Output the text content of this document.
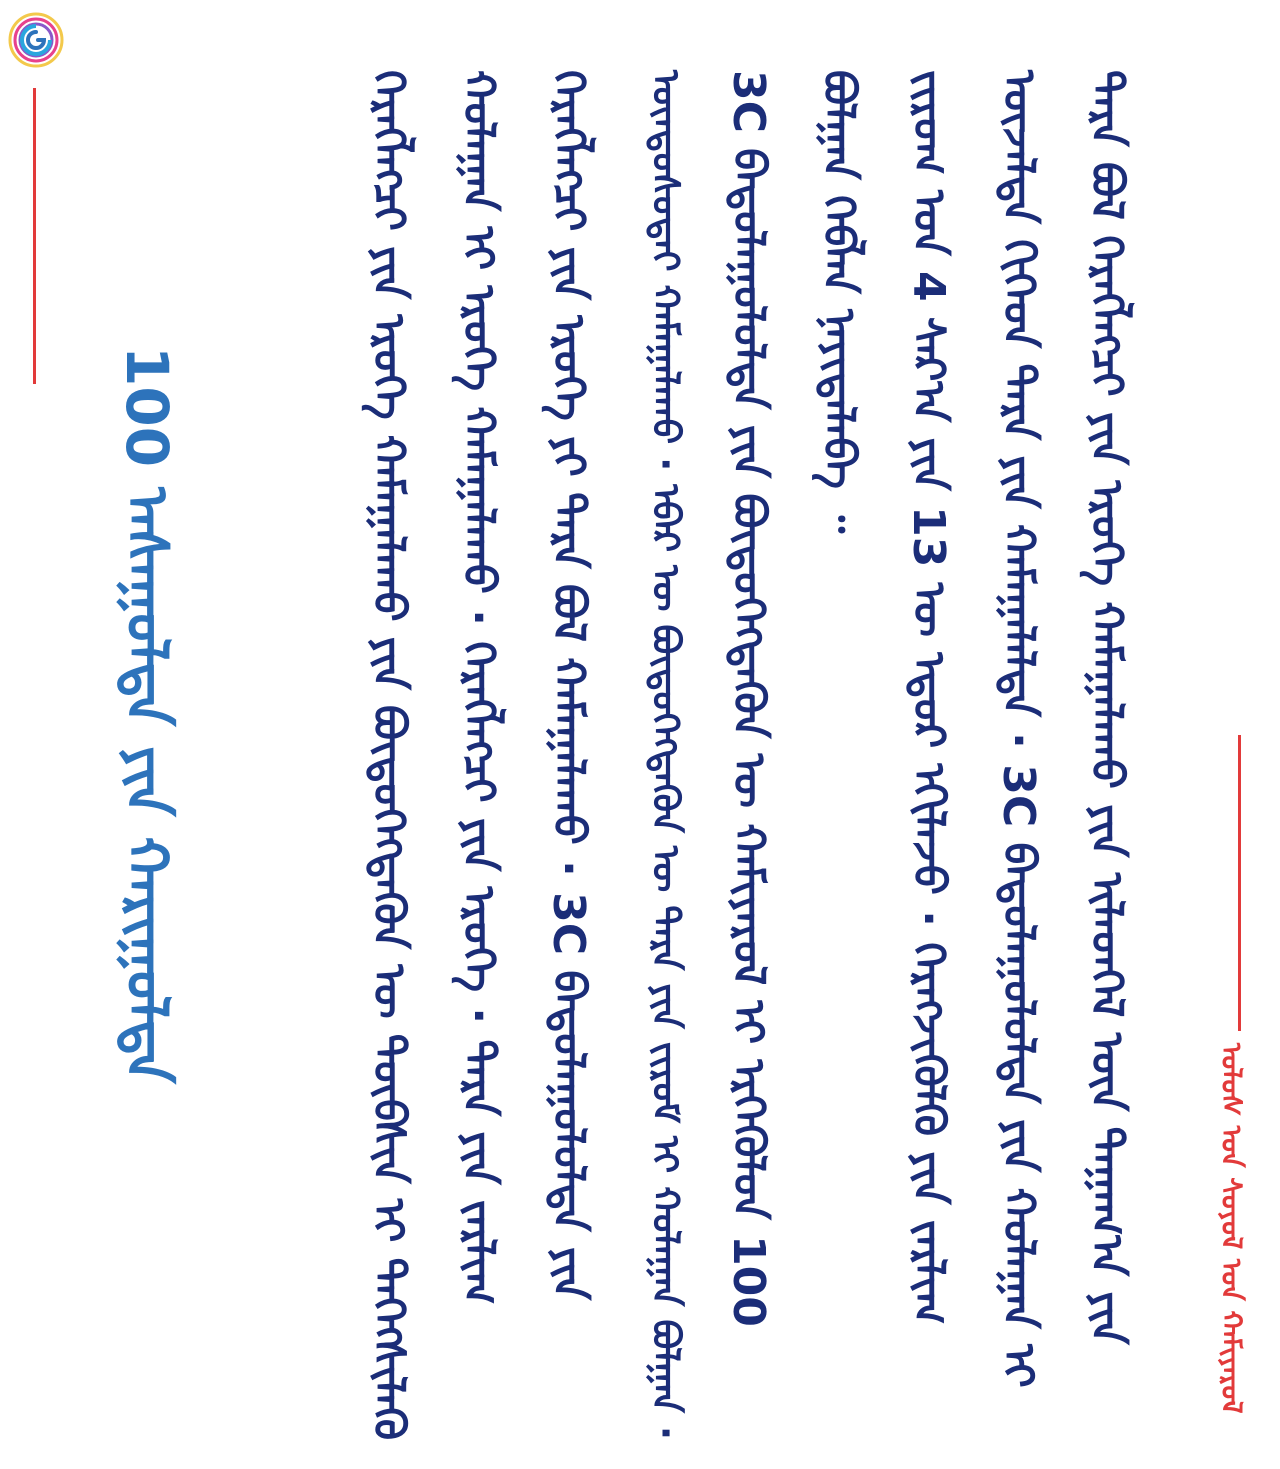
ᠤᠯᠤᠰ ᠤᠨ ᠰᠣᠶᠤᠯ ᠤᠨ ᠬᠠᠮᠢᠶᠠᠷᠤᠯ
ᠲᠡᠷᠡ ᠪᠣᠯ ᠬᠡᠷᠡᠭᠯᠡᠭᠴᠢ ᠶᠢᠨ ᠡᠷᠦᠬᠡ ᠬᠠᠮᠠᠭᠠᠯᠠᠬᠤ ᠶᠢᠨ ᠢᠯᠡᠳᠬᠡᠯ ᠦᠨ ᠳᠠᠭᠠᠭ᠎ᠠ ᠶᠢᠨ
ᠦᠵᠡᠯᠲᠡ ᠬᠢᠭᠡᠳ ᠲᠡᠷᠡ ᠶᠢᠨ ᠬᠠᠮᠠᠭᠠᠯᠠᠯᠲᠠ · 3C ᠪᠠᠲᠤᠯᠠᠭᠤᠯᠤᠯᠲᠠ ᠶᠢᠨ ᠬᠤᠯᠠᠭᠠᠨ ᠢ
ᠵᠢᠷᠤᠭ ᠤᠨ 4 ᠰᠠᠷ᠎ᠠ ᠶᠢᠨ 13 ᠦ ᠡᠳᠦᠷ ᠡᠬᠢᠯᠡᠵᠦ · ᠬᠡᠷᠡᠭᠵᠢᠭᠦᠯᠬᠦ ᠶᠢᠨ ᠵᠠᠷᠯᠢᠭ
ᠪᠣᠯᠭᠠᠨ ᠬᠡᠪᠯᠡᠨ ᠨᠡᠶᠢᠲᠡᠯᠡᠪᠡ ᠃
3C ᠪᠠᠲᠤᠯᠠᠭᠤᠯᠤᠯᠲᠠ ᠶᠢᠨ ᠪᠦᠲᠦᠭᠡᠭᠳᠡᠬᠦᠨ ᠦ ᠬᠠᠮᠢᠶᠠᠷᠤᠯ ᠢ ᠡᠷᠭᠡᠭᠦᠯᠦᠨ 100
ᠦᠨᠳᠦᠰᠦᠲᠡᠶ ᠬᠠᠮᠠᠭᠠᠯᠠᠬᠤ · ᠡᠪᠡᠷ ᠦ ᠪᠦᠲᠦᠭᠡᠭᠳᠡᠬᠦᠨ ᠦ ᠲᠡᠷᠡ ᠶᠢᠨ ᠵᠢᠷᠤᠮ ᠢ ᠬᠤᠯᠠᠭᠠᠨ ᠪᠣᠯᠭᠠᠨ ·
ᠬᠡᠷᠡᠭᠯᠡᠭᠴᠢ ᠶᠢᠨ ᠡᠷᠦᠬᠡ ᠶᠢ ᠲᠡᠷᠡ ᠪᠣᠯ ᠬᠠᠮᠠᠭᠠᠯᠠᠬᠤ · 3C ᠪᠠᠲᠤᠯᠠᠭᠤᠯᠤᠯᠲᠠ ᠶᠢᠨ
ᠬᠤᠯᠠᠭᠠᠨ ᠢ ᠡᠷᠦᠬᠡ ᠬᠠᠮᠠᠭᠠᠯᠠᠬᠤ · ᠬᠡᠷᠡᠭᠯᠡᠭᠴᠢ ᠶᠢᠨ ᠡᠷᠦᠬᠡ · ᠲᠡᠷᠡ ᠶᠢᠨ ᠵᠠᠷᠯᠢᠭ
ᠬᠡᠷᠡᠭᠯᠡᠭᠴᠢ ᠶᠢᠨ ᠡᠷᠦᠬᠡ ᠬᠠᠮᠠᠭᠠᠯᠠᠬᠤ ᠶᠢᠨ ᠪᠦᠲᠦᠭᠡᠭᠳᠡᠬᠦᠨ ᠦ ᠲᠦᠪᠰᠢᠨ ᠢ ᠳᠡᠭᠡᠭᠰᠢᠯᠡᠬᠦ
100 ᠠᠰᠠᠭᠤᠯᠲᠠ ᠶᠢᠨ ᠬᠠᠷᠢᠭᠤᠯᠲᠠ
